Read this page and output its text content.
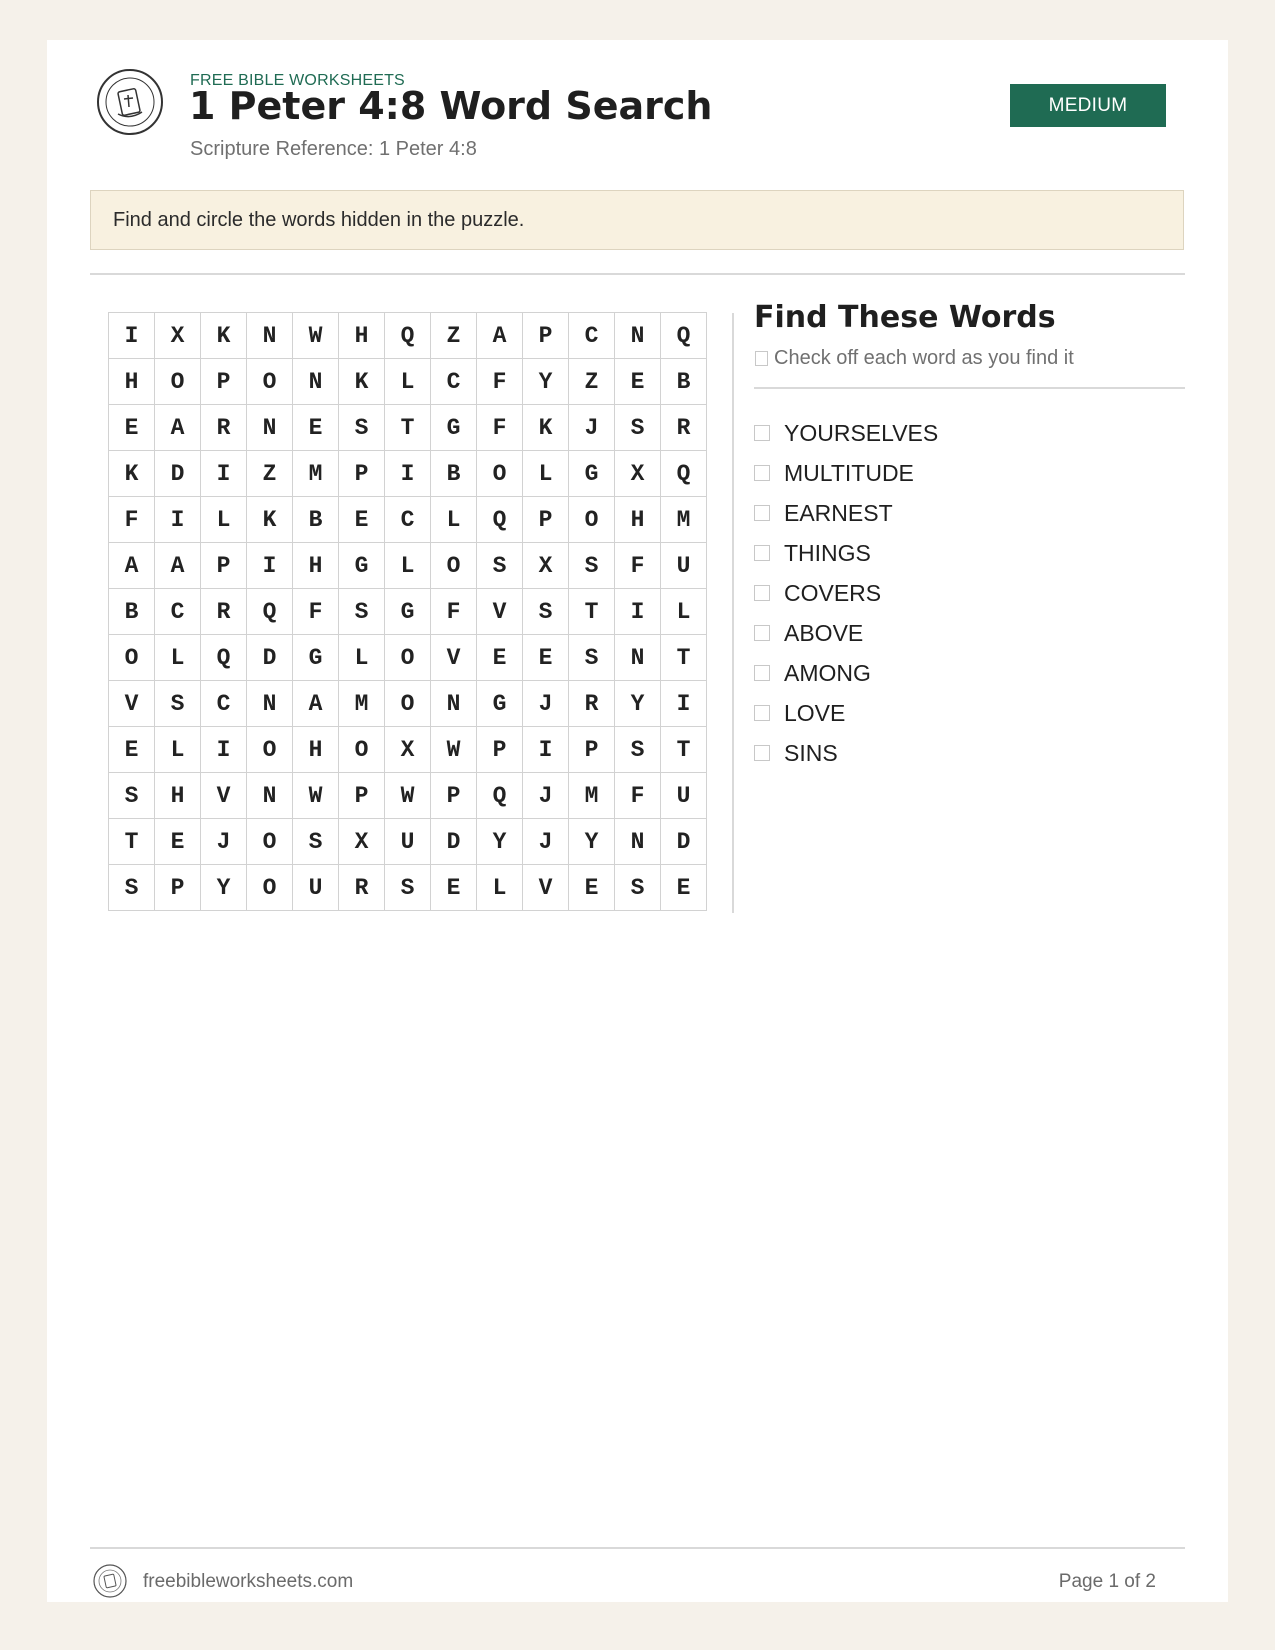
FREE BIBLE WORKSHEETS
1 Peter 4:8 Word Search
Scripture Reference: 1 Peter 4:8
MEDIUM
Find and circle the words hidden in the puzzle.
I	X	K	N	W	H	Q	Z	A	P	C	N	Q
H	O	P	O	N	K	L	C	F	Y	Z	E	B
E	A	R	N	E	S	T	G	F	K	J	S	R
K	D	I	Z	M	P	I	B	O	L	G	X	Q
F	I	L	K	B	E	C	L	Q	P	O	H	M
A	A	P	I	H	G	L	O	S	X	S	F	U
B	C	R	Q	F	S	G	F	V	S	T	I	L
O	L	Q	D	G	L	O	V	E	E	S	N	T
V	S	C	N	A	M	O	N	G	J	R	Y	I
E	L	I	O	H	O	X	W	P	I	P	S	T
S	H	V	N	W	P	W	P	Q	J	M	F	U
T	E	J	O	S	X	U	D	Y	J	Y	N	D
S	P	Y	O	U	R	S	E	L	V	E	S	E
Find These Words
Check off each word as you find it
YOURSELVES
MULTITUDE
EARNEST
THINGS
COVERS
ABOVE
AMONG
LOVE
SINS
freebibleworksheets.com	Page 1 of 2
